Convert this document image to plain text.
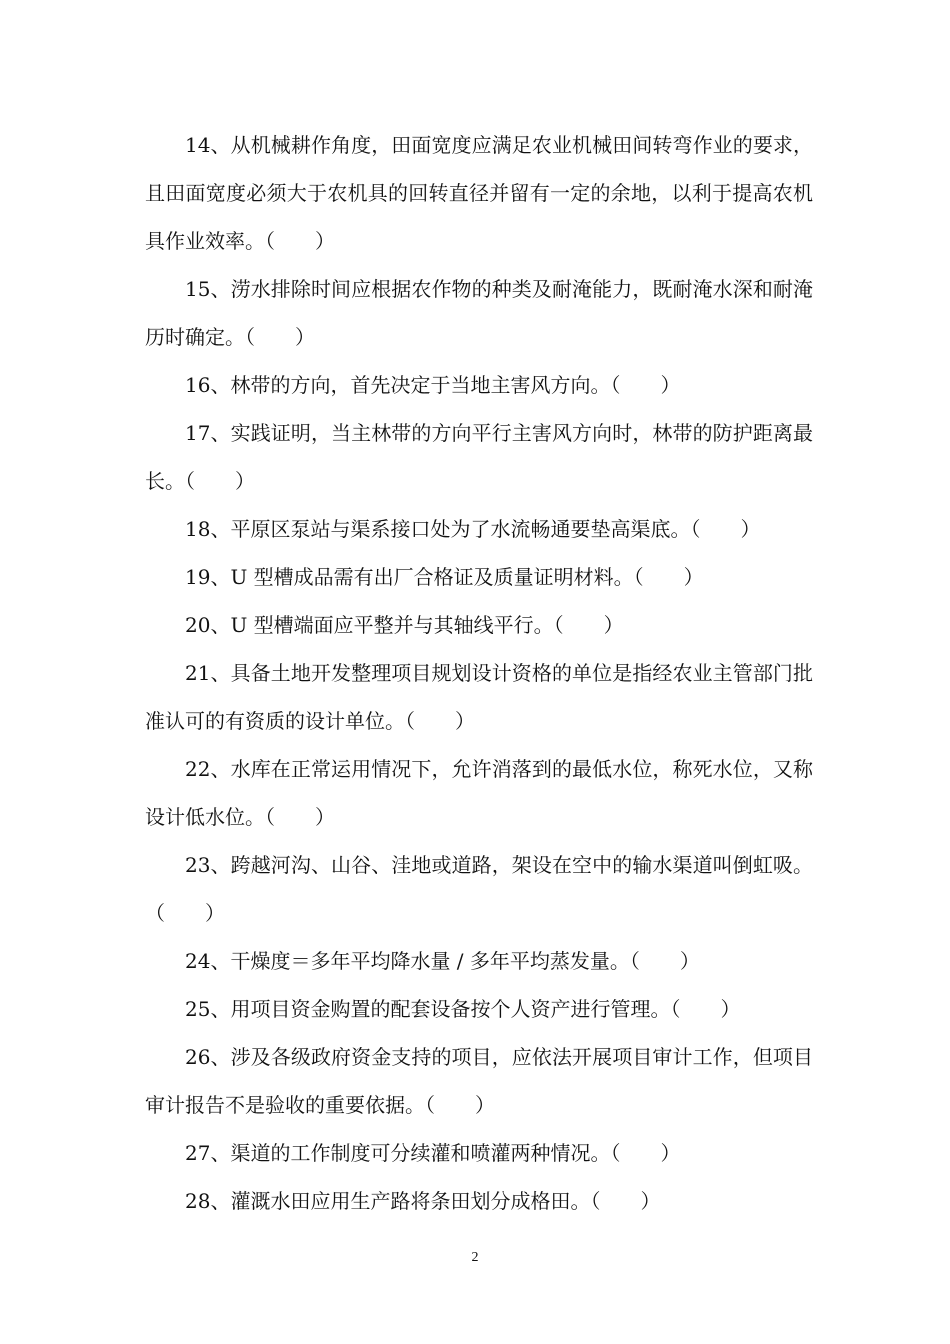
14、从机械耕作角度，田面宽度应满足农业机械田间转弯作业的要求，且田面宽度必须大于农机具的回转直径并留有一定的余地，以利于提高农机具作业效率。（　　）

15、涝水排除时间应根据农作物的种类及耐淹能力，既耐淹水深和耐淹历时确定。（　　）

16、林带的方向，首先决定于当地主害风方向。（　　）

17、实践证明，当主林带的方向平行主害风方向时，林带的防护距离最长。（　　）

18、平原区泵站与渠系接口处为了水流畅通要垫高渠底。（　　）

19、U 型槽成品需有出厂合格证及质量证明材料。（　　）

20、U 型槽端面应平整并与其轴线平行。（　　）

21、具备土地开发整理项目规划设计资格的单位是指经农业主管部门批准认可的有资质的设计单位。（　　）

22、水库在正常运用情况下，允许消落到的最低水位，称死水位，又称设计低水位。（　　）

23、跨越河沟、山谷、洼地或道路，架设在空中的输水渠道叫倒虹吸。（　　）

24、干燥度＝多年平均降水量 / 多年平均蒸发量。（　　）

25、用项目资金购置的配套设备按个人资产进行管理。（　　）

26、涉及各级政府资金支持的项目，应依法开展项目审计工作，但项目审计报告不是验收的重要依据。（　　）

27、渠道的工作制度可分续灌和喷灌两种情况。（　　）

28、灌溉水田应用生产路将条田划分成格田。（　　）

2
